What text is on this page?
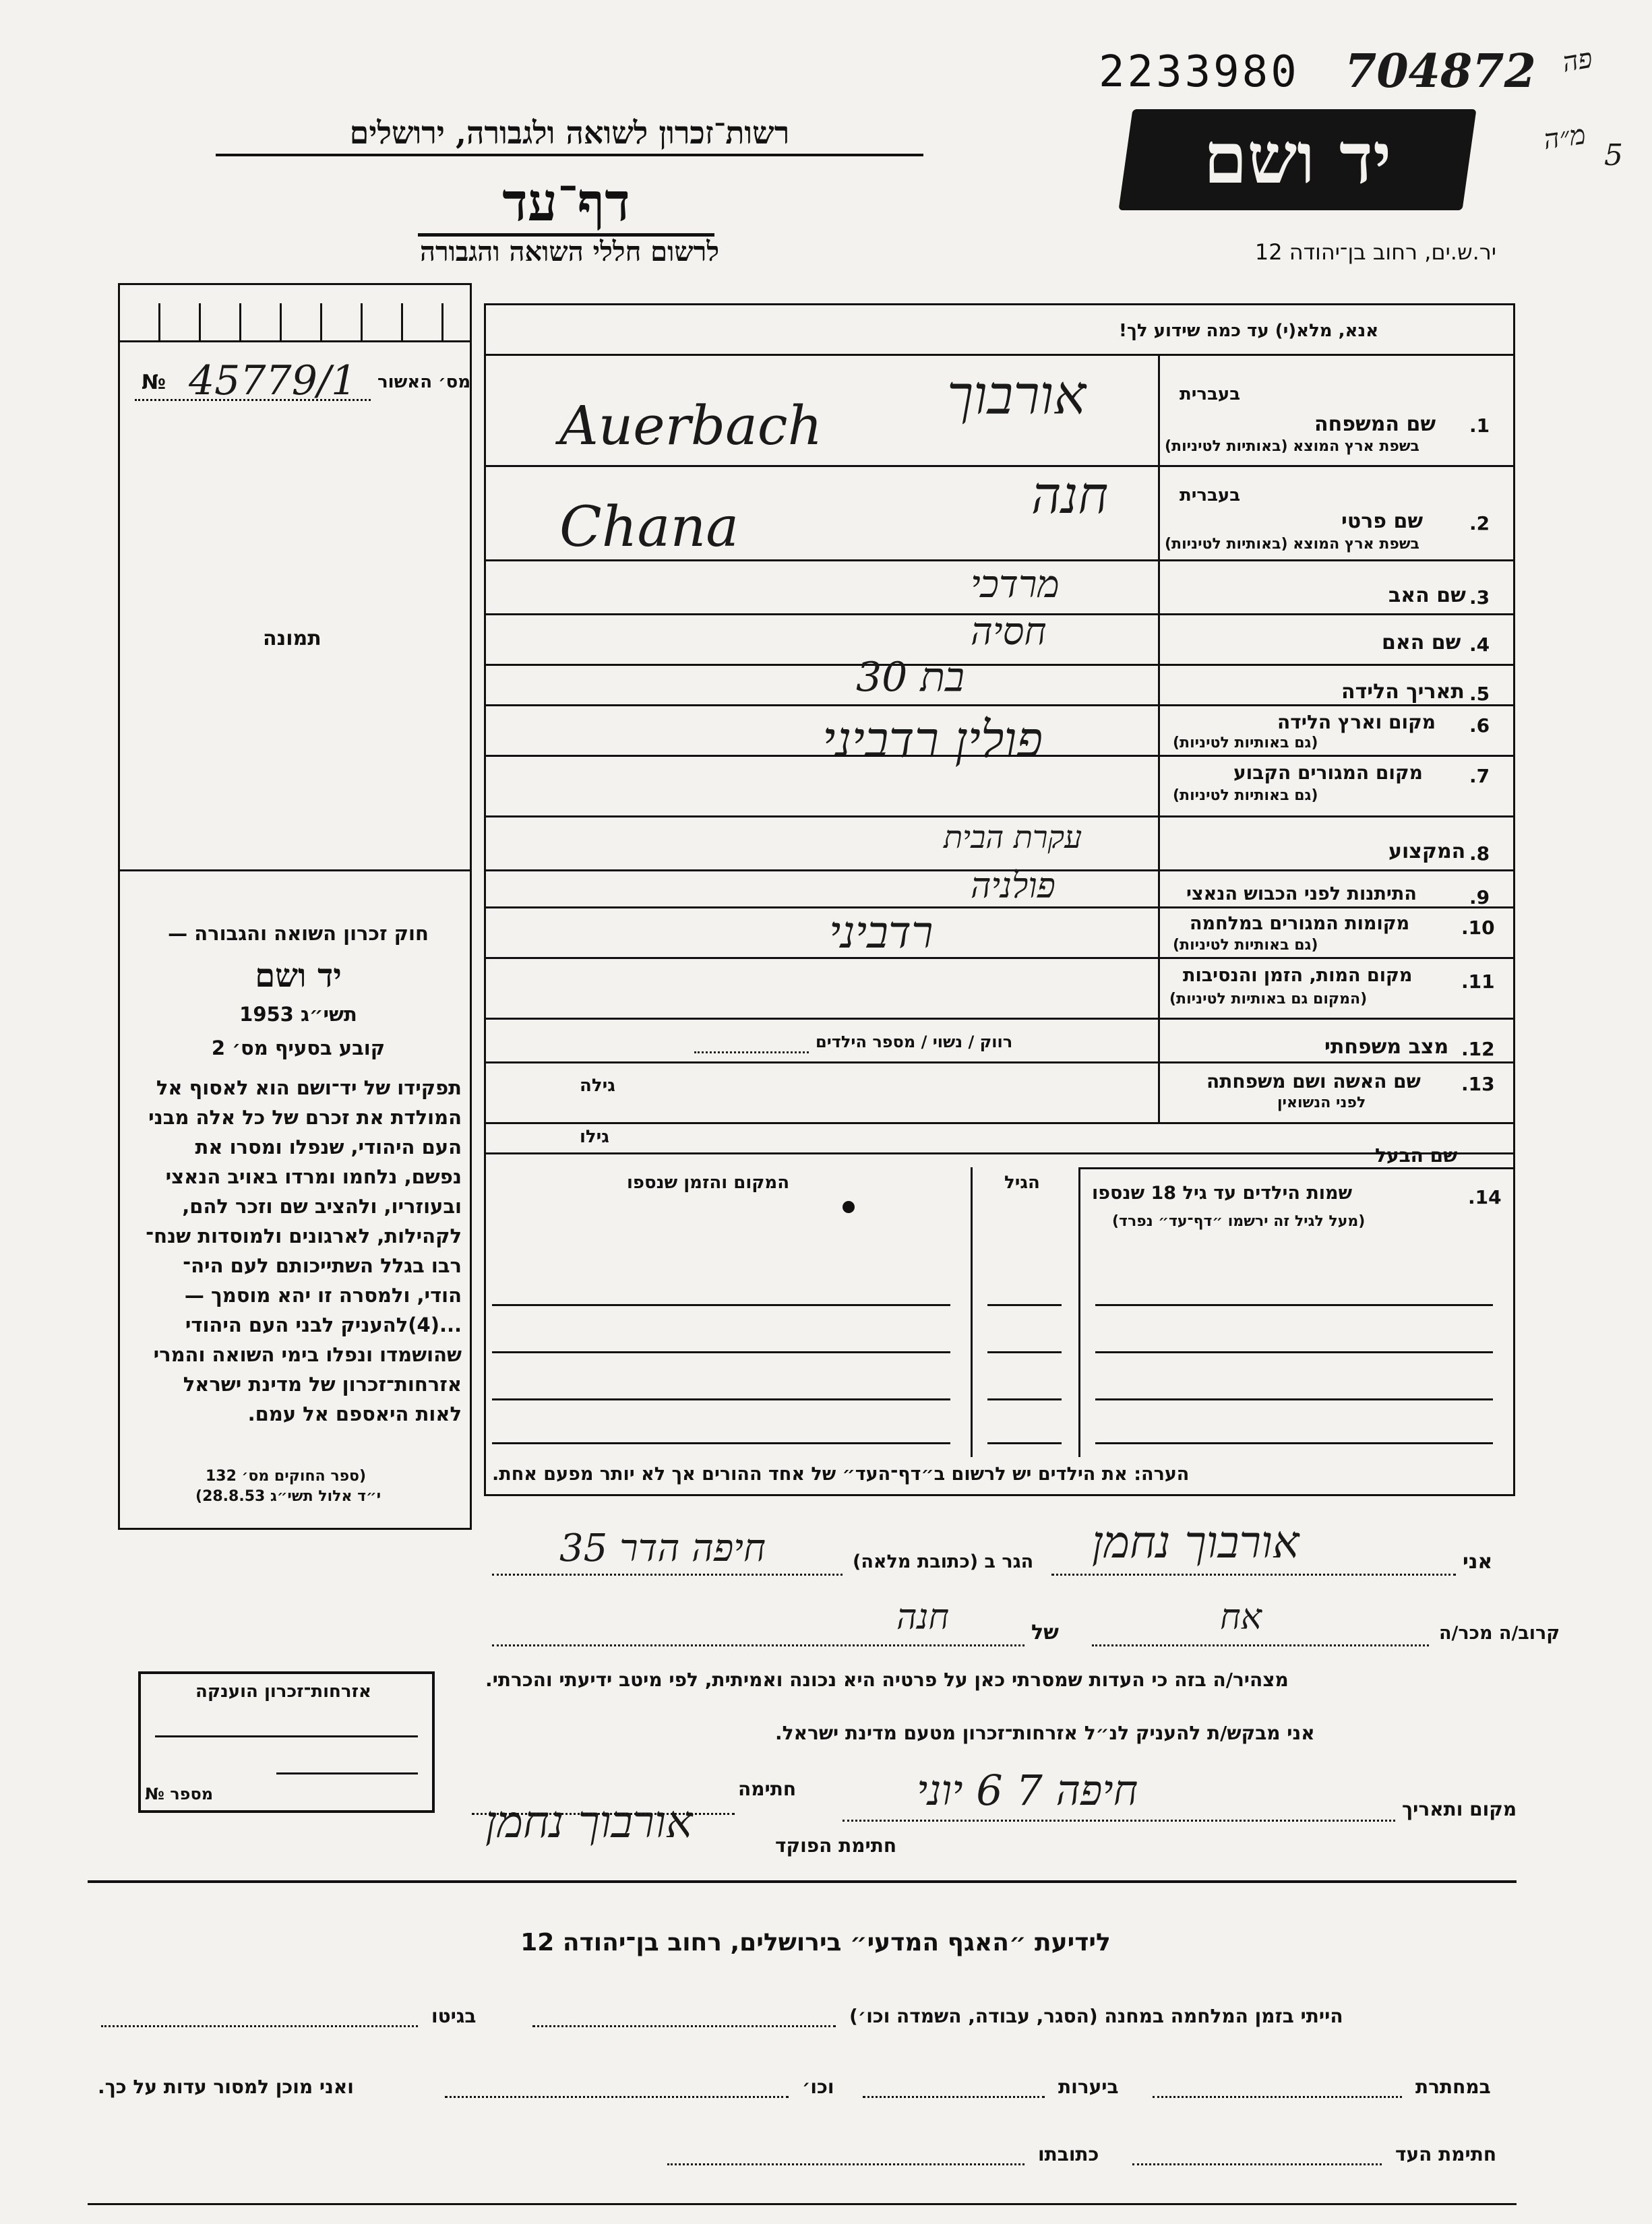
2233980 704872 פה
מ״ה 5
רשות־זכרון לשואה ולגבורה, ירושלים
דף־עד
לרשום חללי השואה והגבורה
יד ושם
יר.ש.ים, רחוב בן־יהודה 12
מס׳ האשור
45779/1
№
תמונה
חוק זכרון השואה והגבורה —
יד ושם
תשי״ג 1953
קובע בסעיף מס׳ 2
תפקידו של יד־ושם הוא לאסוף אל
המולדת את זכרם של כל אלה מבני
העם היהודי, שנפלו ומסרו את
נפשם, נלחמו ומרדו באויב הנאצי
ובעוזריו, ולהציב שם וזכר להם,
לקהילות, לארגונים ולמוסדות שנח־
רבו בגלל השתייכותם לעם היה־
הודי, ולמסרה זו יהא מוסמך —
...(4)להעניק לבני העם היהודי
שהושמדו ונפלו בימי השואה והמרי
אזרחות־זכרון של מדינת ישראל
לאות היאספם אל עמם.
(ספר החוקים מס׳ 132
י״ד אלול תשי״ג 28.8.53)
אנא, מלא(י) עד כמה שידוע לך!
בעברית
1.
שם המשפחה
בשפת ארץ המוצא (באותיות לטיניות)
אורבוך
Auerbach
בעברית
2.
שם פרטי
בשפת ארץ המוצא (באותיות לטיניות)
חנה
Chana
3.
שם האב
מרדכי
4.
שם האם
חסיה
5.
תאריך הלידה
בת 30
6.
מקום וארץ הלידה
(גם באותיות לטיניות)
פולין רדביני
7.
מקום המגורים הקבוע
(גם באותיות לטיניות)
8.
המקצוע
עקרת הבית
9.
התיתנות לפני הכבוש הנאצי
פולניה
10.
מקומות המגורים במלחמה
(גם באותיות לטיניות)
רדביני
11.
מקום המות, הזמן והנסיבות
(המקום גם באותיות לטיניות)
12.
מצב משפחתי
רווק / נשוי / מספר הילדים
13.
שם האשה ושם משפחתה
לפני הנשואין
גילה
גילו
שם הבעל
14.
שמות הילדים עד גיל 18 שנספו
(מעל לגיל זה ירשמו ״דף־עד״ נפרד)
הגיל
המקום והזמן שנספו
הערה: את הילדים יש לרשום ב״דף־העד״ של אחד ההורים אך לא יותר מפעם אחת.
אני
אורבוך נחמן
הגר ב (כתובת מלאה)
חיפה הדר 35
קרוב/ה מכר/ה
אח
של
חנה
מצהיר/ה בזה כי העדות שמסרתי כאן על פרטיה היא נכונה ואמיתית, לפי מיטב ידיעתי והכרתי.
אני מבקש/ת להעניק לנ״ל אזרחות־זכרון מטעם מדינת ישראל.
מקום ותאריך
חיפה 7 6 יוני
חתימה
אורבוך נחמן	חתימת הפוקד
אזרחות־זכרון הוענקה
מספר №
לידיעת ״האגף המדעי״ בירושלים, רחוב בן־יהודה 12
הייתי בזמן המלחמה במחנה (הסגר, עבודה, השמדה וכו׳)
בגיטו
במחתרת
ביערות
וכו׳
ואני מוכן למסור עדות על כך.
חתימת העד
כתובתו
